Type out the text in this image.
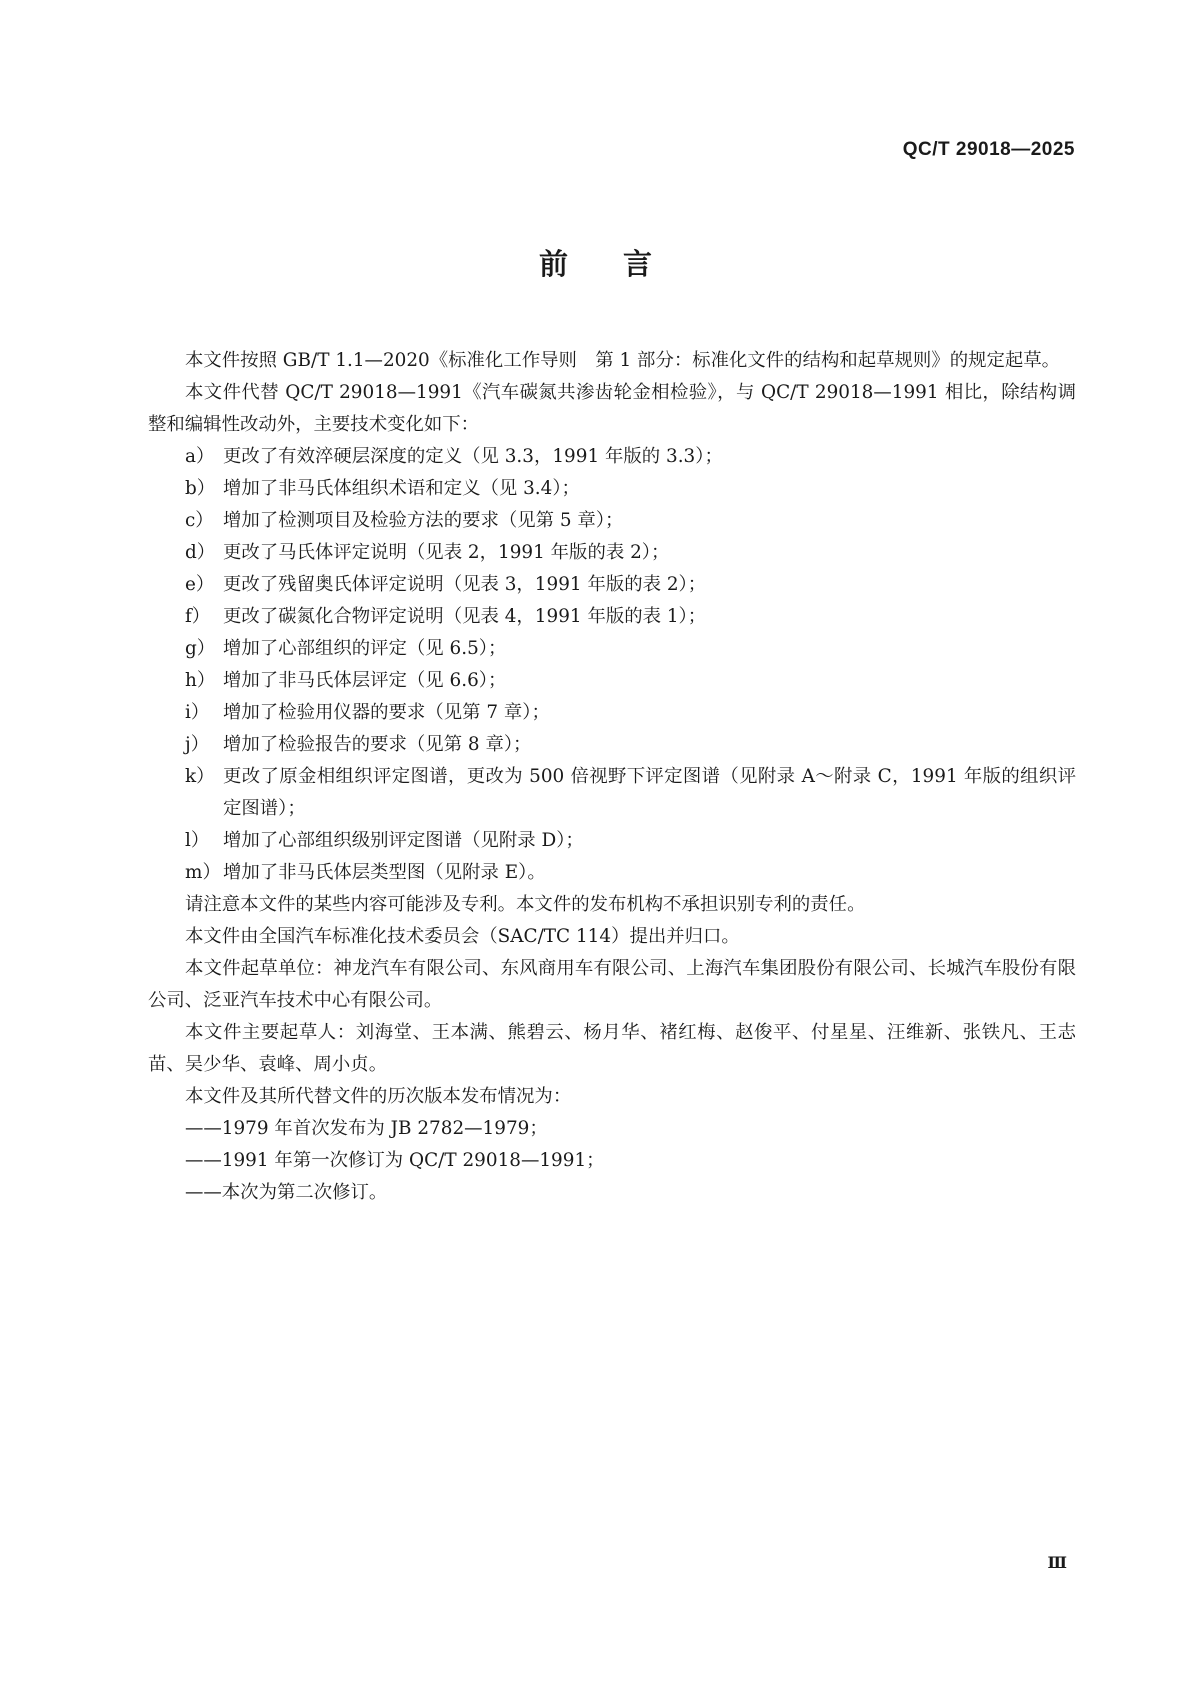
QC/T 29018—2025
前言

本文件按照 GB/T 1.1—2020《标准化工作导则　第 1 部分：标准化文件的结构和起草规则》的规定起草。

本文件代替 QC/T 29018—1991《汽车碳氮共渗齿轮金相检验》，与 QC/T 29018—1991 相比，除结构调整和编辑性改动外，主要技术变化如下：

a） 更改了有效淬硬层深度的定义（见 3.3，1991 年版的 3.3）；
b） 增加了非马氏体组织术语和定义（见 3.4）；
c） 增加了检测项目及检验方法的要求（见第 5 章）；
d） 更改了马氏体评定说明（见表 2，1991 年版的表 2）；
e） 更改了残留奥氏体评定说明（见表 3，1991 年版的表 2）；
f） 更改了碳氮化合物评定说明（见表 4，1991 年版的表 1）；
g） 增加了心部组织的评定（见 6.5）；
h） 增加了非马氏体层评定（见 6.6）；
i） 增加了检验用仪器的要求（见第 7 章）；
j） 增加了检验报告的要求（见第 8 章）；
k） 更改了原金相组织评定图谱，更改为 500 倍视野下评定图谱（见附录 A～附录 C，1991 年版的组织评定图谱）；
l） 增加了心部组织级别评定图谱（见附录 D）；
m） 增加了非马氏体层类型图（见附录 E）。

请注意本文件的某些内容可能涉及专利。本文件的发布机构不承担识别专利的责任。

本文件由全国汽车标准化技术委员会（SAC/TC 114）提出并归口。

本文件起草单位：神龙汽车有限公司、东风商用车有限公司、上海汽车集团股份有限公司、长城汽车股份有限公司、泛亚汽车技术中心有限公司。

本文件主要起草人：刘海堂、王本满、熊碧云、杨月华、褚红梅、赵俊平、付星星、汪维新、张铁凡、王志苗、吴少华、袁峰、周小贞。

本文件及其所代替文件的历次版本发布情况为：

——1979 年首次发布为 JB 2782—1979；
——1991 年第一次修订为 QC/T 29018—1991；
——本次为第二次修订。
Ⅲ
